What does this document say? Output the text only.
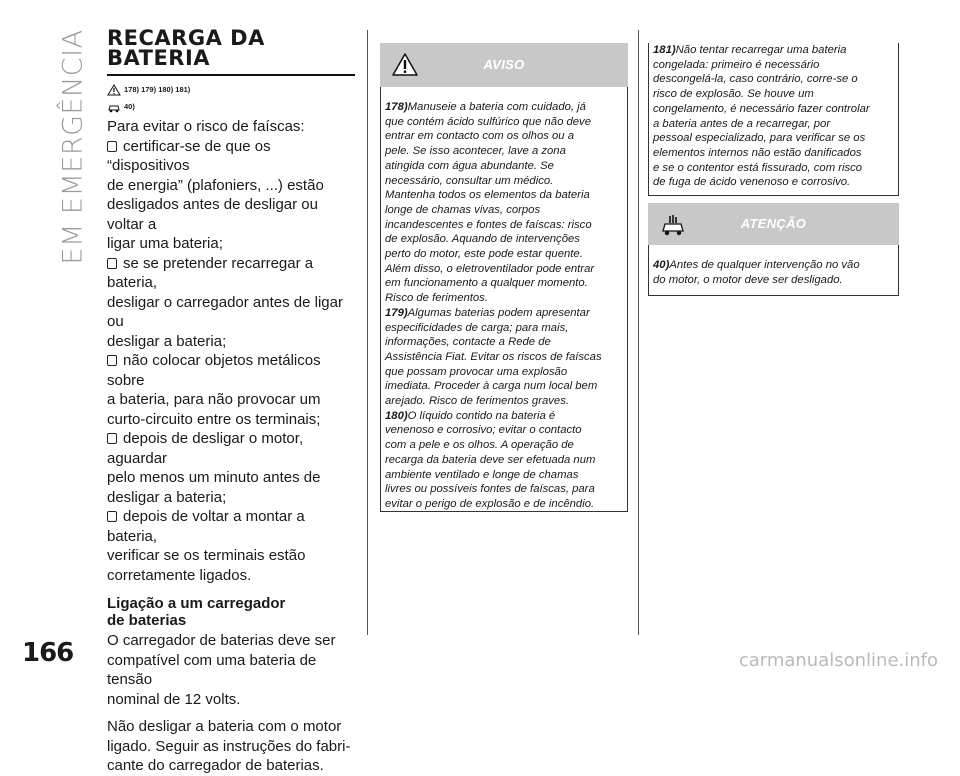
EM EMERGÊNCIA RECARGA DA
BATERIA
178) 179) 180) 181)
40)

Para evitar o risco de faíscas:

certificar-se de que os “dispositivos
de energia” (plafoniers, ...) estão
desligados antes de desligar ou voltar a
ligar uma bateria;
se se pretender recarregar a bateria,
desligar o carregador antes de ligar ou
desligar a bateria;
não colocar objetos metálicos sobre
a bateria, para não provocar um
curto-circuito entre os terminais;
depois de desligar o motor, aguardar
pelo menos um minuto antes de
desligar a bateria;
depois de voltar a montar a bateria,
verificar se os terminais estão
corretamente ligados.
Ligação a um carregador
de baterias
O carregador de baterias deve ser
compatível com uma bateria de tensão
nominal de 12 volts.
Não desligar a bateria com o motor
ligado. Seguir as instruções do fabri-
cante do carregador de baterias.
AVISO
178)Manuseie a bateria com cuidado, já
que contém ácido sulfúrico que não deve
entrar em contacto com os olhos ou a
pele. Se isso acontecer, lave a zona
atingida com água abundante. Se
necessário, consultar um médico.
Mantenha todos os elementos da bateria
longe de chamas vivas, corpos
incandescentes e fontes de faíscas: risco
de explosão. Aquando de intervenções
perto do motor, este pode estar quente.
Além disso, o eletroventilador pode entrar
em funcionamento a qualquer momento.
Risco de ferimentos.
179)Algumas baterias podem apresentar
especificidades de carga; para mais,
informações, contacte a Rede de
Assistência Fiat. Evitar os riscos de faíscas
que possam provocar uma explosão
imediata. Proceder à carga num local bem
arejado. Risco de ferimentos graves.
180)O líquido contido na bateria é
venenoso e corrosivo; evitar o contacto
com a pele e os olhos. A operação de
recarga da bateria deve ser efetuada num
ambiente ventilado e longe de chamas
livres ou possíveis fontes de faíscas, para
evitar o perigo de explosão e de incêndio.
181)Não tentar recarregar uma bateria
congelada: primeiro é necessário
descongelá-la, caso contrário, corre-se o
risco de explosão. Se houve um
congelamento, é necessário fazer controlar
a bateria antes de a recarregar, por
pessoal especializado, para verificar se os
elementos internos não estão danificados
e se o contentor está fissurado, com risco
de fuga de ácido venenoso e corrosivo.
ATENÇÃO
40)Antes de qualquer intervenção no vão
do motor, o motor deve ser desligado.
166	carmanualsonline.info
